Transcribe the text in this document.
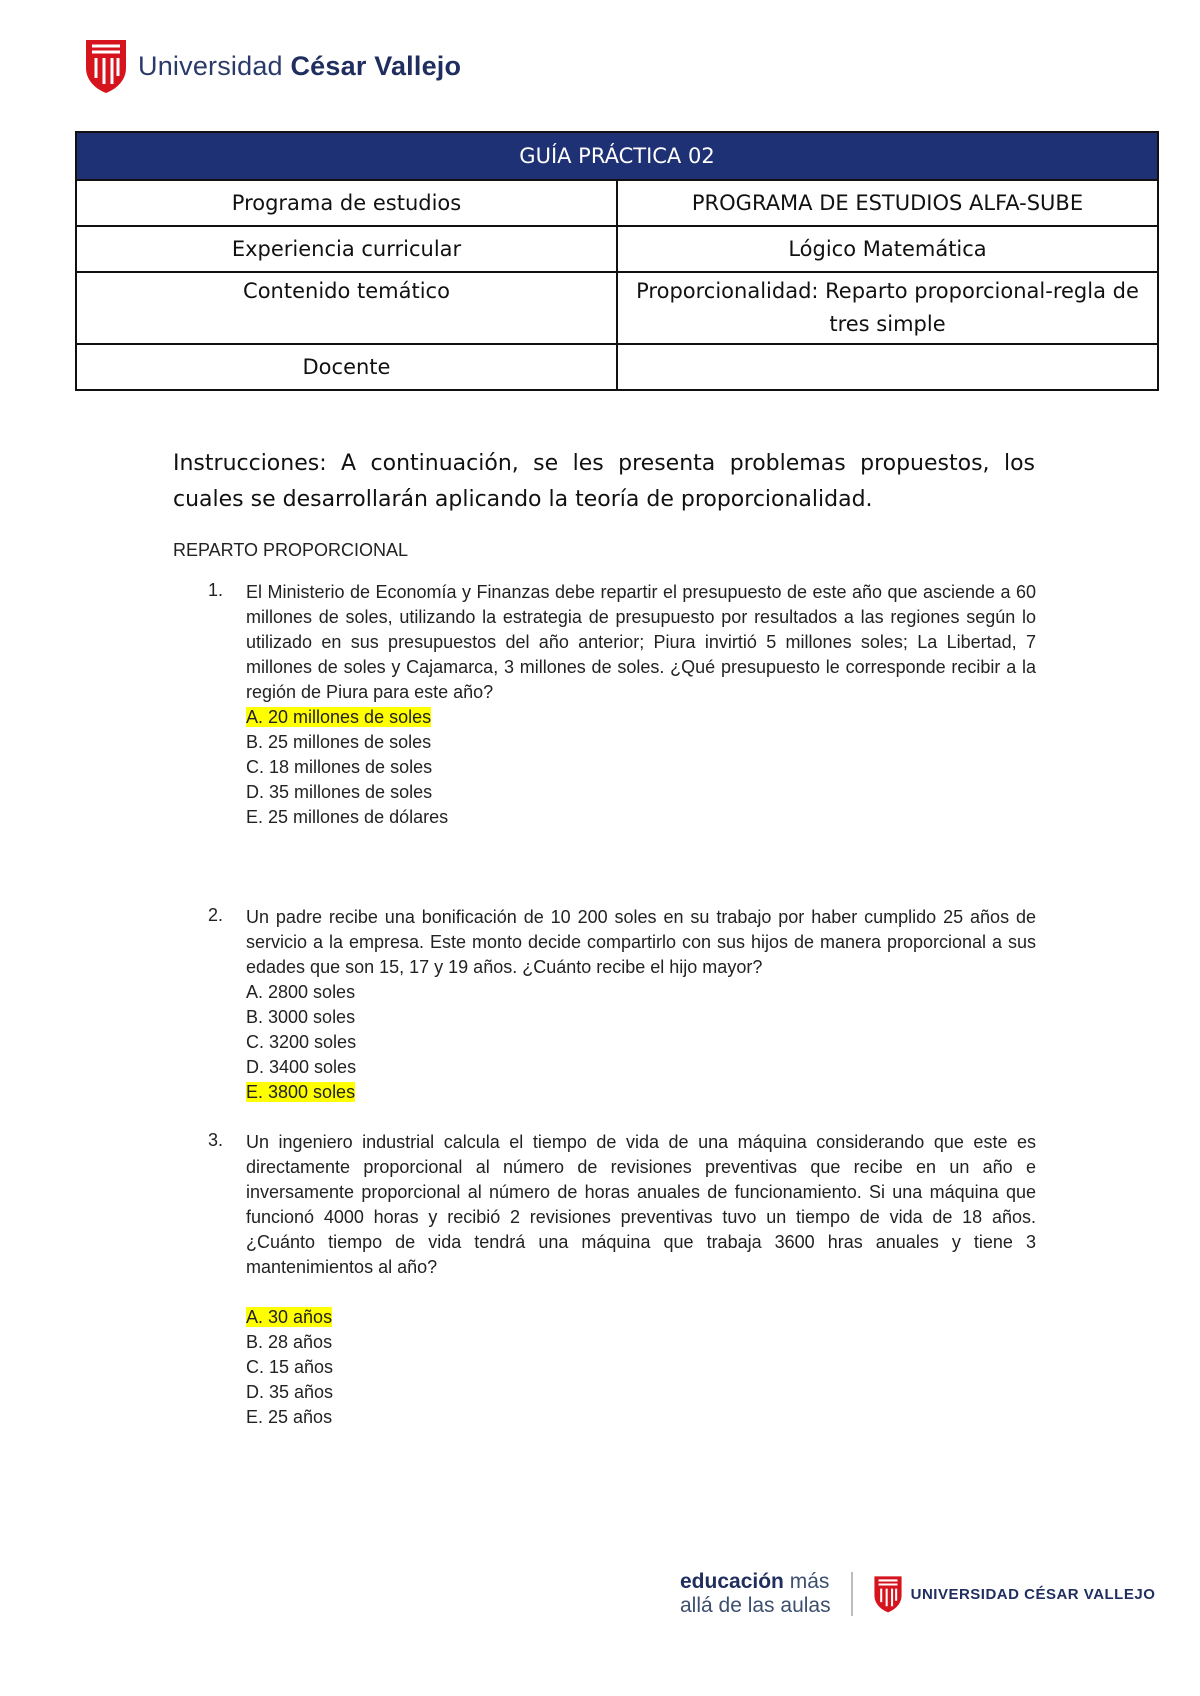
Universidad César Vallejo
GUÍA PRÁCTICA 02	
Programa de estudios	PROGRAMA DE ESTUDIOS ALFA-SUBE
Experiencia curricular	Lógico Matemática
Contenido temático	Proporcionalidad: Reparto proporcional-regla de tres simple
Docente	
Instrucciones: A continuación, se les presenta problemas propuestos, los cuales se desarrollarán aplicando la teoría de proporcionalidad.
REPARTO PROPORCIONAL
1. El Ministerio de Economía y Finanzas debe repartir el presupuesto de este año que asciende a 60 millones de soles, utilizando la estrategia de presupuesto por resultados a las regiones según lo utilizado en sus presupuestos del año anterior; Piura invirtió 5 millones soles; La Libertad, 7 millones de soles y Cajamarca, 3 millones de soles. ¿Qué presupuesto le corresponde recibir a la región de Piura para este año?

A. 20 millones de soles
B. 25 millones de soles
C. 18 millones de soles
D. 35 millones de soles
E. 25 millones de dólares
2. Un padre recibe una bonificación de 10 200 soles en su trabajo por haber cumplido 25 años de servicio a la empresa. Este monto decide compartirlo con sus hijos de manera proporcional a sus edades que son 15, 17 y 19 años. ¿Cuánto recibe el hijo mayor?

A. 2800 soles
B. 3000 soles
C. 3200 soles
D. 3400 soles
E. 3800 soles
3. Un ingeniero industrial calcula el tiempo de vida de una máquina considerando que este es directamente proporcional al número de revisiones preventivas que recibe en un año e inversamente proporcional al número de horas anuales de funcionamiento. Si una máquina que funcionó 4000 horas y recibió 2 revisiones preventivas tuvo un tiempo de vida de 18 años. ¿Cuánto tiempo de vida tendrá una máquina que trabaja 3600 hras anuales y tiene 3 mantenimientos al año?

A. 30 años
B. 28 años
C. 15 años
D. 35 años
E. 25 años
educación más
allá de las aulas	UNIVERSIDAD CÉSAR VALLEJO
